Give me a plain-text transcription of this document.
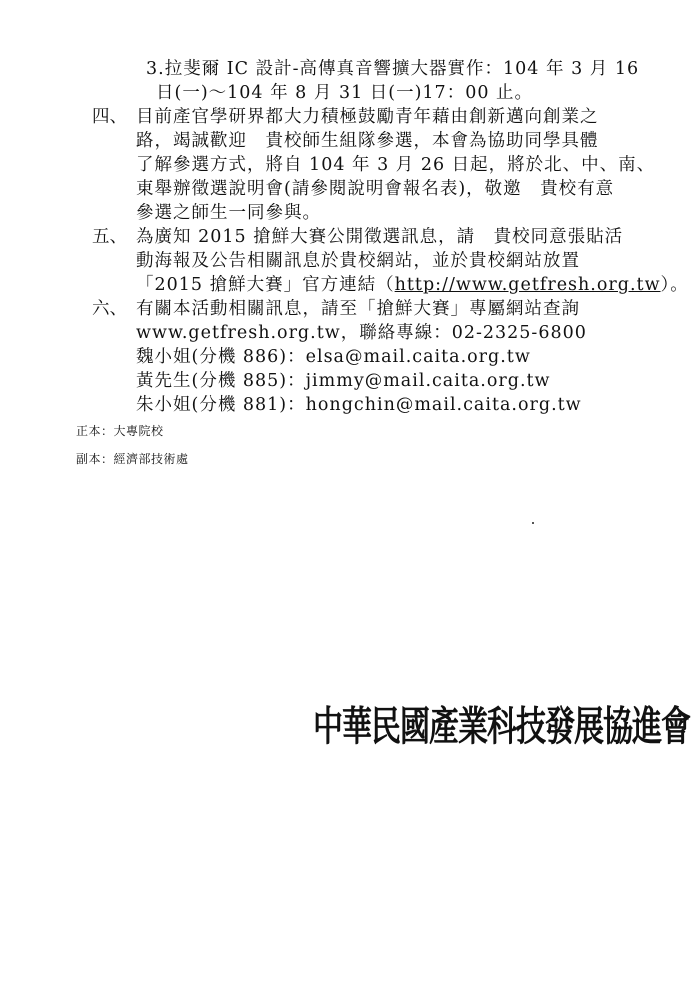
3.拉斐爾 IC 設計-高傳真音響擴大器實作：104 年 3 月 16
日(一)～104 年 8 月 31 日(一)17：00 止。
四、 目前產官學研界都大力積極鼓勵青年藉由創新邁向創業之
路，竭誠歡迎　貴校師生組隊參選，本會為協助同學具體
了解參選方式，將自 104 年 3 月 26 日起，將於北、中、南、
東舉辦徵選說明會(請參閱說明會報名表)，敬邀　貴校有意
參選之師生一同參與。
五、 為廣知 2015 搶鮮大賽公開徵選訊息，請　貴校同意張貼活
動海報及公告相關訊息於貴校網站，並於貴校網站放置
「2015 搶鮮大賽」官方連結（http://www.getfresh.org.tw）。
六、 有關本活動相關訊息，請至「搶鮮大賽」專屬網站查詢
www.getfresh.org.tw，聯絡專線：02-2325-6800
魏小姐(分機 886)：elsa@mail.caita.org.tw
黃先生(分機 885)：jimmy@mail.caita.org.tw
朱小姐(分機 881)：hongchin@mail.caita.org.tw
正本：大專院校
副本：經濟部技術處
中華民國產業科技發展協進會
